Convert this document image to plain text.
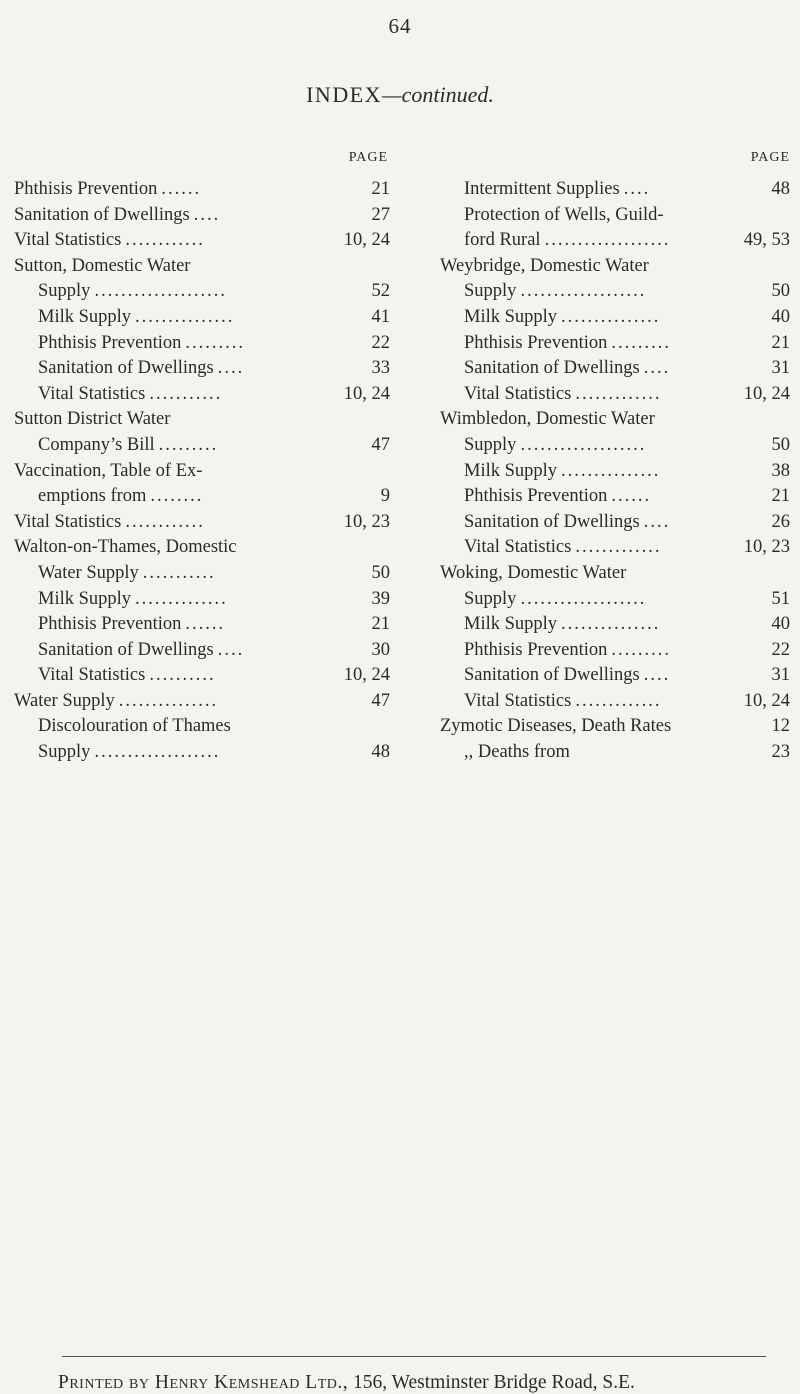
64
INDEX—continued.
PAGE
Phthisis Prevention ......	21
Sanitation of Dwellings ....	27
Vital Statistics ............	10, 24
Sutton, Domestic Water
Supply ....................	52
Milk Supply ...............	41
Phthisis Prevention .........	22
Sanitation of Dwellings ....	33
Vital Statistics ...........	10, 24
Sutton District Water
Company’s Bill .........	47
Vaccination, Table of Ex-
emptions from ........	9
Vital Statistics ............	10, 23
Walton-on-Thames, Domestic
Water Supply ...........	50
Milk Supply ..............	39
Phthisis Prevention ......	21
Sanitation of Dwellings ....	30
Vital Statistics ..........	10, 24
Water Supply ...............	47
Discolouration of Thames
Supply ...................	48
PAGE
Intermittent Supplies ....	48
Protection of Wells, Guild-
ford Rural ...................	49, 53
Weybridge, Domestic Water
Supply ...................	50
Milk Supply ...............	40
Phthisis Prevention .........	21
Sanitation of Dwellings ....	31
Vital Statistics .............	10, 24
Wimbledon, Domestic Water
Supply ...................	50
Milk Supply ...............	38
Phthisis Prevention ......	21
Sanitation of Dwellings ....	26
Vital Statistics .............	10, 23
Woking, Domestic Water
Supply ...................	51
Milk Supply ...............	40
Phthisis Prevention .........	22
Sanitation of Dwellings ....	31
Vital Statistics .............	10, 24
Zymotic Diseases, Death Rates	12
,, Deaths from	23
Printed by Henry Kemshead Ltd., 156, Westminster Bridge Road, S.E.
